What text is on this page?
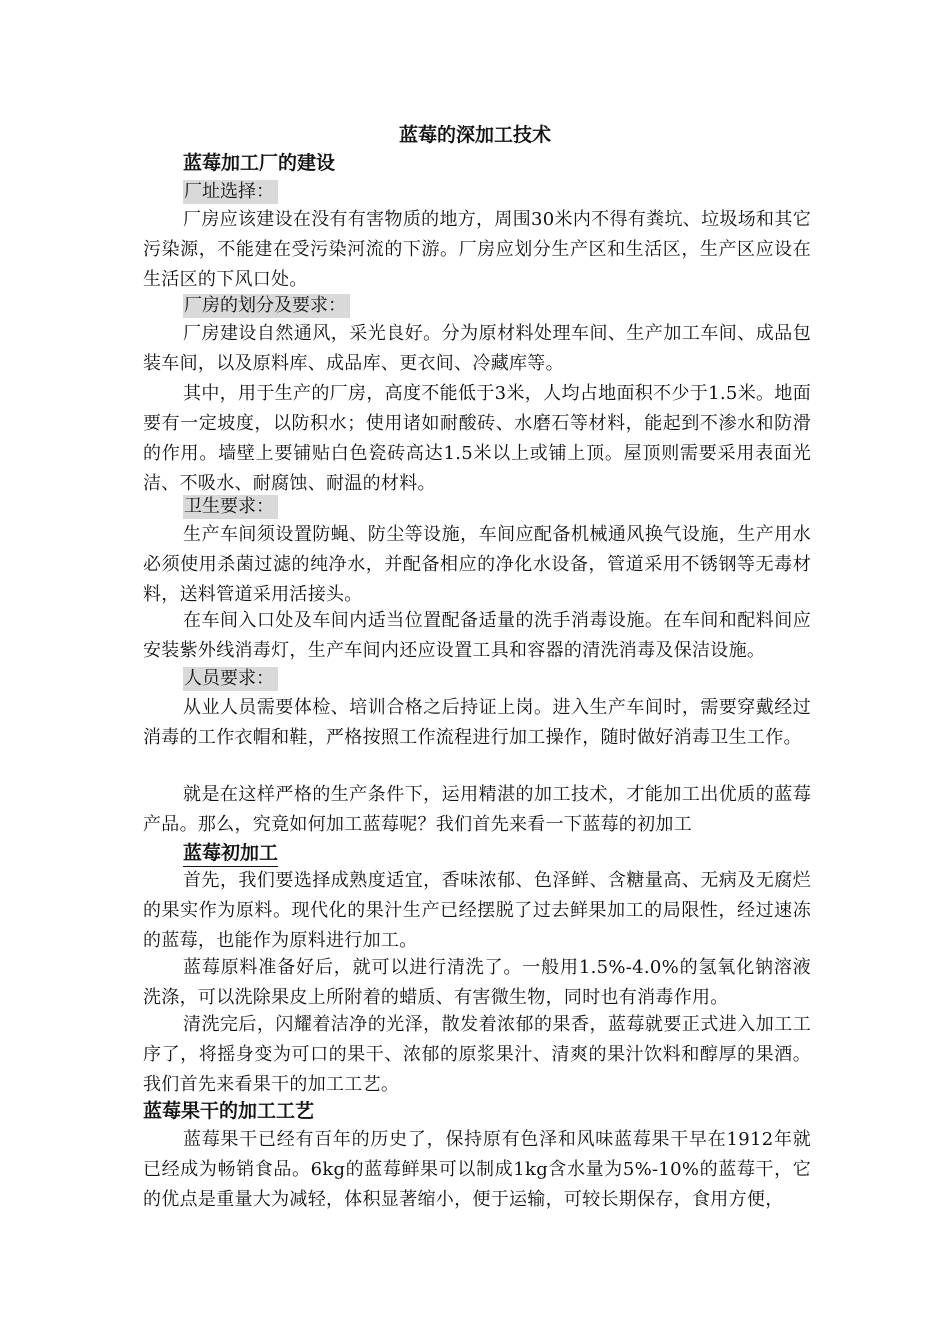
蓝莓的深加工技术
蓝莓加工厂的建设
厂址选择：
厂房应该建设在没有有害物质的地方，周围30米内不得有粪坑、垃圾场和其它污染源，不能建在受污染河流的下游。厂房应划分生产区和生活区，生产区应设在生活区的下风口处。
厂房的划分及要求：
厂房建设自然通风，采光良好。分为原材料处理车间、生产加工车间、成品包装车间，以及原料库、成品库、更衣间、冷藏库等。
其中，用于生产的厂房，高度不能低于3米，人均占地面积不少于1.5米。地面要有一定坡度，以防积水；使用诸如耐酸砖、水磨石等材料，能起到不渗水和防滑的作用。墙壁上要铺贴白色瓷砖高达1.5米以上或铺上顶。屋顶则需要采用表面光洁、不吸水、耐腐蚀、耐温的材料。
卫生要求：
生产车间须设置防蝇、防尘等设施，车间应配备机械通风换气设施，生产用水必须使用杀菌过滤的纯净水，并配备相应的净化水设备，管道采用不锈钢等无毒材料，送料管道采用活接头。
在车间入口处及车间内适当位置配备适量的洗手消毒设施。在车间和配料间应安装紫外线消毒灯，生产车间内还应设置工具和容器的清洗消毒及保洁设施。
人员要求：
从业人员需要体检、培训合格之后持证上岗。进入生产车间时，需要穿戴经过消毒的工作衣帽和鞋，严格按照工作流程进行加工操作，随时做好消毒卫生工作。
就是在这样严格的生产条件下，运用精湛的加工技术，才能加工出优质的蓝莓产品。那么，究竟如何加工蓝莓呢？我们首先来看一下蓝莓的初加工
蓝莓初加工
首先，我们要选择成熟度适宜，香味浓郁、色泽鲜、含糖量高、无病及无腐烂的果实作为原料。现代化的果汁生产已经摆脱了过去鲜果加工的局限性，经过速冻的蓝莓，也能作为原料进行加工。
蓝莓原料准备好后，就可以进行清洗了。一般用1.5%-4.0%的氢氧化钠溶液洗涤，可以洗除果皮上所附着的蜡质、有害微生物，同时也有消毒作用。
清洗完后，闪耀着洁净的光泽，散发着浓郁的果香，蓝莓就要正式进入加工工序了，将摇身变为可口的果干、浓郁的原浆果汁、清爽的果汁饮料和醇厚的果酒。我们首先来看果干的加工工艺。
蓝莓果干的加工工艺
蓝莓果干已经有百年的历史了，保持原有色泽和风味蓝莓果干早在1912年就已经成为畅销食品。6kg的蓝莓鲜果可以制成1kg含水量为5%-10%的蓝莓干，它的优点是重量大为减轻，体积显著缩小，便于运输，可较长期保存，食用方便，
